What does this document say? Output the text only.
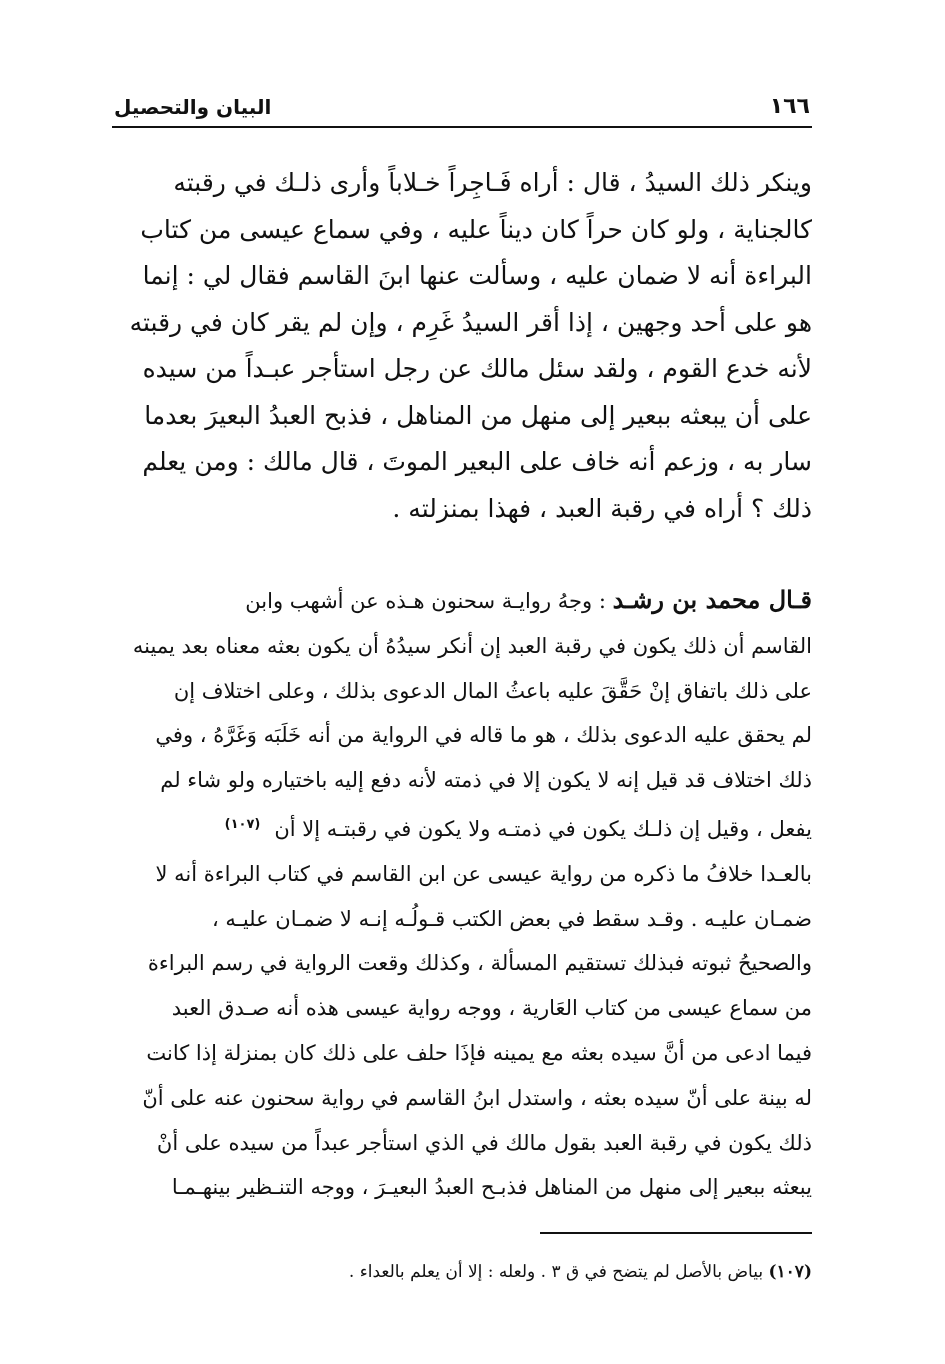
١٦٦
البيان والتحصيل
وينكر ذلك السيدُ ، قال : أراه فَـاجِراً خـلاباً وأرى ذلـك في رقبته
كالجناية ، ولو كان حراً كان ديناً عليه ، وفي سماع عيسى من كتاب
البراءة أنه لا ضمان عليه ، وسألت عنها ابنَ القاسم فقال لي : إنما
هو على أحد وجهين ، إذا أقر السيدُ غَرِم ، وإن لم يقر كان في رقبته
لأنه خدع القوم ، ولقد سئل مالك عن رجل استأجر عبـداً من سيده
على أن يبعثه ببعير إلى منهل من المناهل ، فذبح العبدُ البعيرَ بعدما
سار به ، وزعم أنه خاف على البعير الموتَ ، قال مالك : ومن يعلم
ذلك ؟ أراه في رقبة العبد ، فهذا بمنزلته .
قـال محمد بن رشـد : وجهُ روايـة سحنون هـذه عن أشهب وابن
القاسم أن ذلك يكون في رقبة العبد إن أنكر سيدُهُ أن يكون بعثه معناه بعد يمينه
على ذلك باتفاق إنْ حَقَّقَ عليه باعثُ المال الدعوى بذلك ، وعلى اختلاف إن
لم يحقق عليه الدعوى بذلك ، هو ما قاله في الرواية من أنه خَلَبَه وَغَرَّهُ ، وفي
ذلك اختلاف قد قيل إنه لا يكون إلا في ذمته لأنه دفع إليه باختياره ولو شاء لم
يفعل ، وقيل إن ذلـك يكون في ذمتـه ولا يكون في رقبتـه إلا أن(١٠٧)
بالعـدا خلافُ ما ذكره من رواية عيسى عن ابن القاسم في كتاب البراءة أنه لا
ضمـان عليـه . وقـد سقط في بعض الكتب قـولُـه إنـه لا ضمـان عليـه ،
والصحيحُ ثبوته فبذلك تستقيم المسألة ، وكذلك وقعت الرواية في رسم البراءة
من سماع عيسى من كتاب العَارية ، ووجه رواية عيسى هذه أنه صـدق العبد
فيما ادعى من أنَّ سيده بعثه مع يمينه فإذَا حلف على ذلك كان بمنزلة إذا كانت
له بينة على أنّ سيده بعثه ، واستدل ابنُ القاسم في رواية سحنون عنه على أنّ
ذلك يكون في رقبة العبد بقول مالك في الذي استأجر عبداً من سيده على أنْ
يبعثه ببعير إلى منهل من المناهل فذبـح العبدُ البعيـرَ ، ووجه التنـظير بينهـمـا
(١٠٧) بياض بالأصل لم يتضح في ق ٣ . ولعله : إلا أن يعلم بالعداء .
